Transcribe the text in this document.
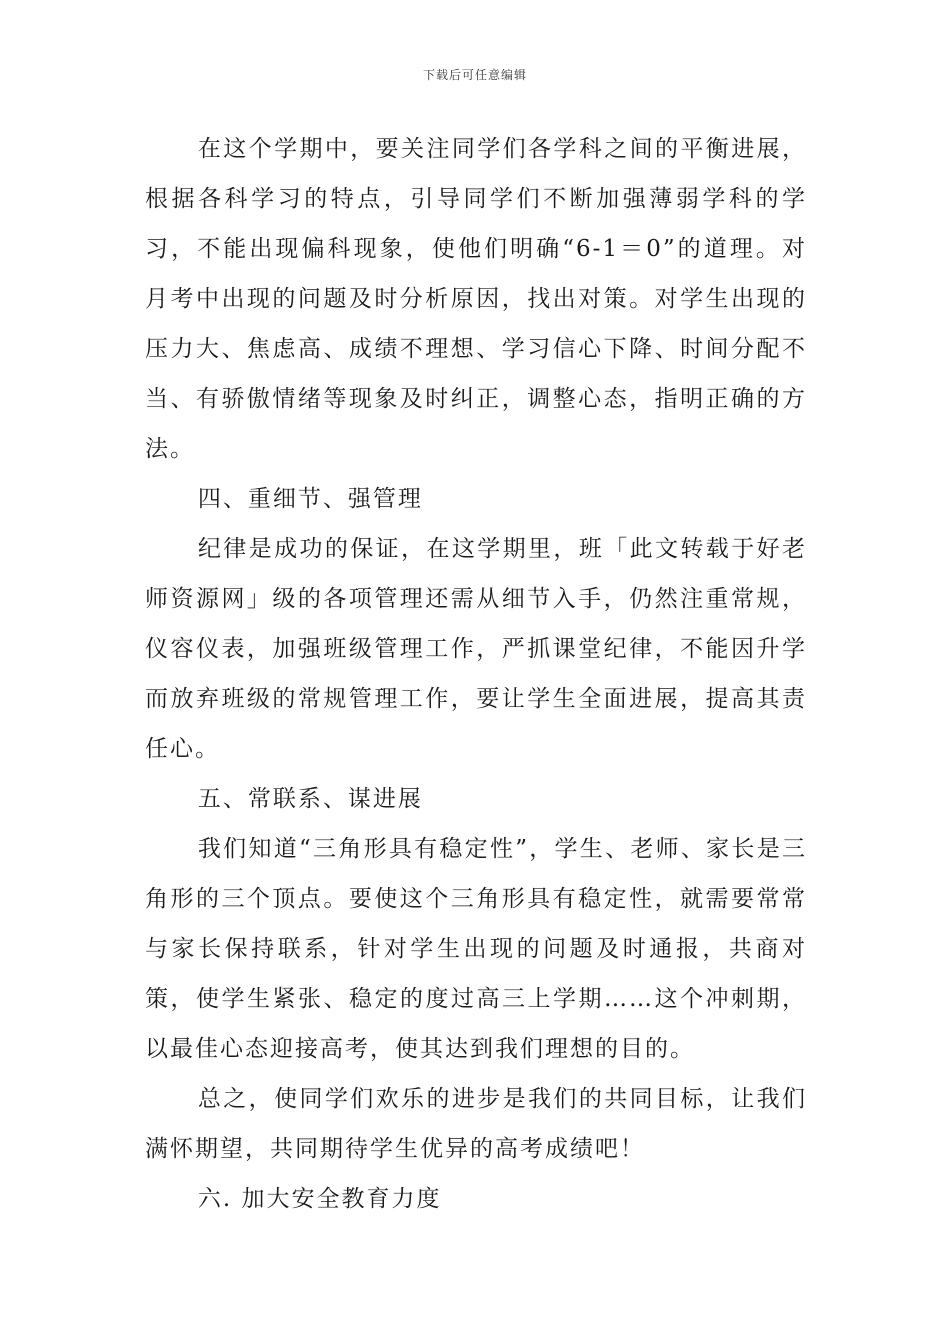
下载后可任意编辑

在这个学期中，要关注同学们各学科之间的平衡进展，根据各科学习的特点，引导同学们不断加强薄弱学科的学习，不能出现偏科现象，使他们明确“6-1＝0”的道理。对月考中出现的问题及时分析原因，找出对策。对学生出现的压力大、焦虑高、成绩不理想、学习信心下降、时间分配不当、有骄傲情绪等现象及时纠正，调整心态，指明正确的方法。

四、重细节、强管理

纪律是成功的保证，在这学期里，班「此文转载于好老师资源网」级的各项管理还需从细节入手，仍然注重常规，仪容仪表，加强班级管理工作，严抓课堂纪律，不能因升学而放弃班级的常规管理工作，要让学生全面进展，提高其责任心。

五、常联系、谋进展

我们知道“三角形具有稳定性”，学生、老师、家长是三角形的三个顶点。要使这个三角形具有稳定性，就需要常常与家长保持联系，针对学生出现的问题及时通报，共商对策，使学生紧张、稳定的度过高三上学期……这个冲刺期，以最佳心态迎接高考，使其达到我们理想的目的。

总之，使同学们欢乐的进步是我们的共同目标，让我们满怀期望，共同期待学生优异的高考成绩吧！

六. 加大安全教育力度
